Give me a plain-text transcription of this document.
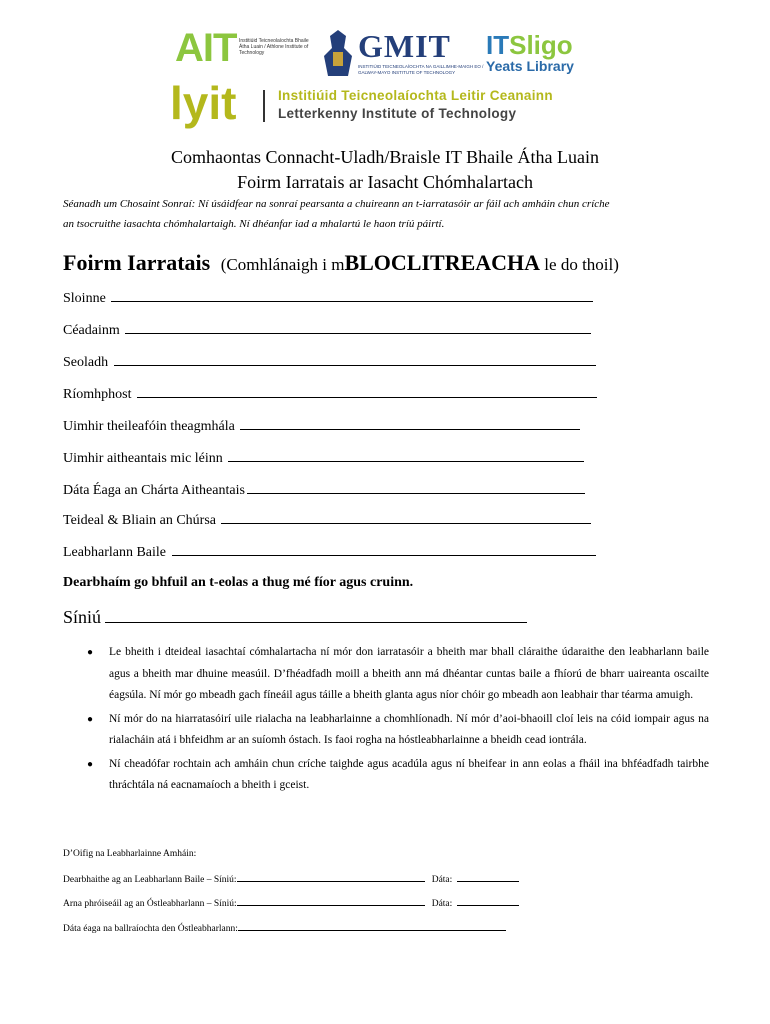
AIT Institiúid Teicneolaíochta Bhaile Átha Luain / Athlone Institute of Technology	GMIT
INSTITIÚID TEICNEOLAÍOCHTA NA GAILLIMHE-MAIGH EO / GALWAY-MAYO INSTITUTE OF TECHNOLOGY
ITSligo
Yeats Library
lyit	Institiúid Teicneolaíochta Leitir Ceanainn
Letterkenny Institute of Technology
Comhaontas Connacht-Uladh/Braisle IT Bhaile Átha Luain
Foirm Iarratais ar Iasacht Chómhalartach
Séanadh um Chosaint Sonraí: Ní úsáidfear na sonraí pearsanta a chuireann an t-iarratasóir ar fáil ach amháin chun críche
an tsocruithe iasachta chómhalartaigh. Ní dhéanfar iad a mhalartú le haon tríú páirtí.
Foirm Iarratais (Comhlánaigh i mBLOCLITREACHA le do thoil)
Sloinne
Céadainm
Seoladh
Ríomhphost
Uimhir theileafóin theagmhála
Uimhir aitheantais mic léinn
Dáta Éaga an Chárta Aitheantais
Teideal & Bliain an Chúrsa
Leabharlann Baile
Dearbhaím go bhfuil an t-eolas a thug mé fíor agus cruinn.
Síniú
● Le bheith i dteideal iasachtaí cómhalartacha ní mór don iarratasóir a bheith mar bhall cláraithe údaraithe den leabharlann baile agus a bheith mar dhuine measúil. D’fhéadfadh moill a bheith ann má dhéantar cuntas baile a fhíorú de bharr uaireanta oscailte éagsúla. Ní mór go mbeadh gach fíneáil agus táille a bheith glanta agus níor chóir go mbeadh aon leabhair thar téarma amuigh.
● Ní mór do na hiarratasóirí uile rialacha na leabharlainne a chomhlíonadh. Ní mór d’aoi-bhaoill cloí leis na cóid iompair agus na rialacháin atá i bhfeidhm ar an suíomh óstach. Is faoi rogha na hóstleabharlainne a bheidh cead iontrála.
● Ní cheadófar rochtain ach amháin chun críche taighde agus acadúla agus ní bheifear in ann eolas a fháil ina bhféadfadh tairbhe thráchtála ná eacnamaíoch a bheith i gceist.
D’Oifig na Leabharlainne Amháin:
Dearbhaithe ag an Leabharlann Baile – Síniú:	Dáta:
Arna phróiseáil ag an Óstleabharlann – Síniú:	Dáta:
Dáta éaga na ballraíochta den Óstleabharlann:
